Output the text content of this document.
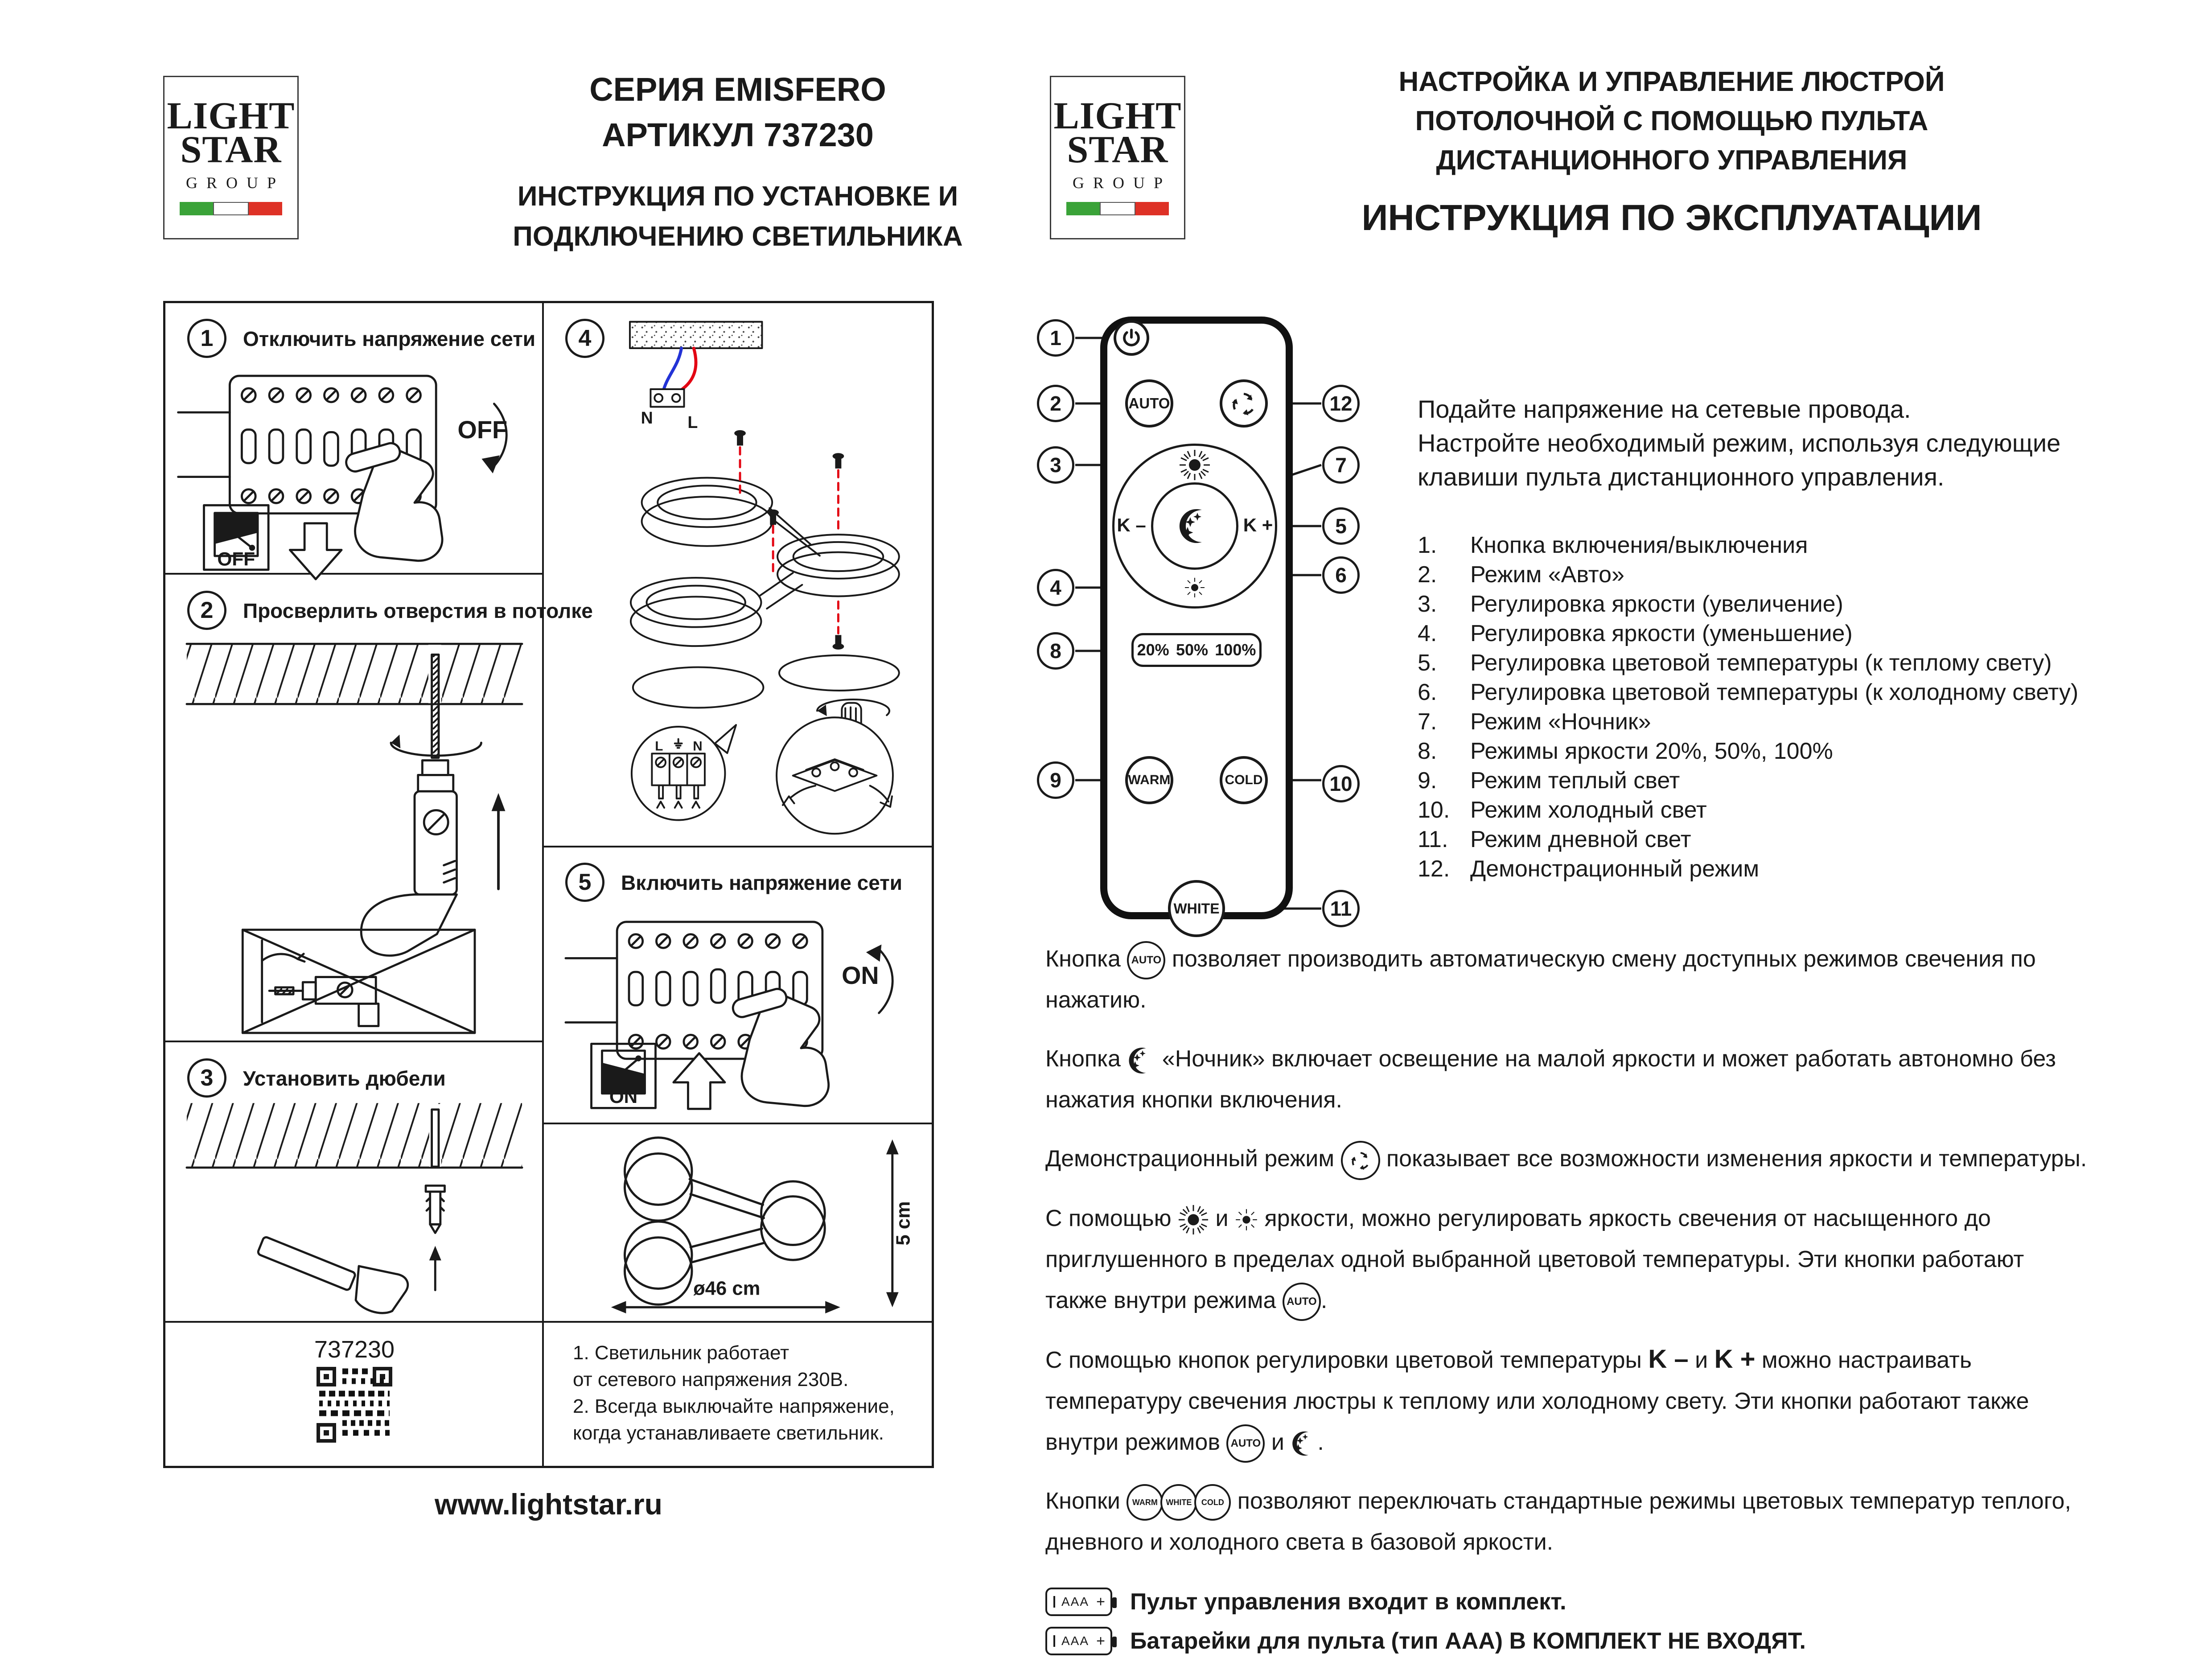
LIGHT
STAR
GROUP
СЕРИЯ EMISFERO
АРТИКУЛ 737230
ИНСТРУКЦИЯ ПО УСТАНОВКЕ И
ПОДКЛЮЧЕНИЮ СВЕТИЛЬНИКА
LIGHT
STAR
GROUP
НАСТРОЙКА И УПРАВЛЕНИЕ ЛЮСТРОЙ
ПОТОЛОЧНОЙ С ПОМОЩЬЮ ПУЛЬТА
ДИСТАНЦИОННОГО УПРАВЛЕНИЯ
ИНСТРУКЦИЯ ПО ЭКСПЛУАТАЦИИ
1 Отключить напряжение сети
OFF
OFF
2 Просверлить отверстия в потолке
3 Установить дюбели
737230	1. Светильник работает
от сетевого напряжения 230В.
2. Всегда выключайте напряжение,
когда устанавливаете светильник.
4
N L
L N
5 Включить напряжение сети
ON
ON
5 cm
ø46 cm
AUTO
K –	K +
20% 50% 100%
WARM	COLD
WHITE
1
2
3
4
5
6
7
8
9	10
11
12	Подайте напряжение на сетевые провода.
Настройте необходимый режим, используя следующие
клавиши пульта дистанционного управления.
1.	Кнопка включения/выключения
2.	Режим «Авто»
3.	Регулировка яркости (увеличение)
4.	Регулировка яркости (уменьшение)
5.	Регулировка цветовой температуры (к теплому свету)
6.	Регулировка цветовой температуры (к холодному свету)
7.	Режим «Ночник»
8.	Режимы яркости 20%, 50%, 100%
9.	Режим теплый свет
10. Режим холодный свет
11. Режим дневной свет
12. Демонстрационный режим

Кнопка AUTO позволяет производить автоматическую смену доступных режимов свечения по нажатию.

Кнопка «Ночник» включает освещение на малой яркости и может работать автономно без нажатия кнопки включения.

Демонстрационный режим показывает все возможности изменения яркости и температуры.

С помощью и яркости, можно регулировать яркость свечения от насыщенного до приглушенного в пределах одной выбранной цветовой температуры. Эти кнопки работают также внутри режима AUTO .

С помощью кнопок регулировки цветовой температуры K – и K + можно настраивать температуру свечения люстры к теплому или холодному свету. Эти кнопки работают также внутри режимов AUTO и .

Кнопки WARM WHITE COLD позволяют переключать стандартные режимы цветовых температур теплого, дневного и холодного света в базовой яркости.

AAA + Пульт управления входит в комплект.
AAA + Батарейки для пульта (тип ААА) В КОМПЛЕКТ НЕ ВХОДЯТ.
www.lightstar.ru
